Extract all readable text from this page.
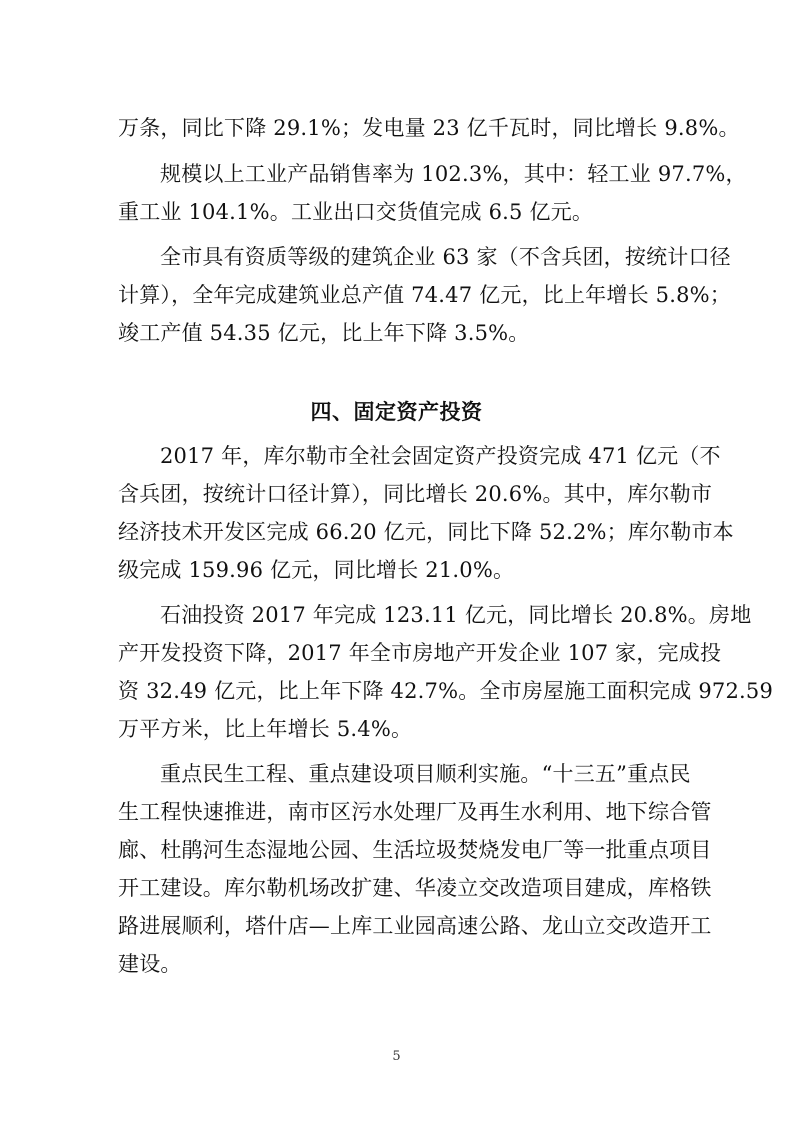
万条，同比下降 29.1%；发电量 23 亿千瓦时，同比增长 9.8%。
规模以上工业产品销售率为 102.3%，其中：轻工业 97.7%，
重工业 104.1%。工业出口交货值完成 6.5 亿元。
全市具有资质等级的建筑企业 63 家（不含兵团，按统计口径
计算），全年完成建筑业总产值 74.47 亿元，比上年增长 5.8%；
竣工产值 54.35 亿元，比上年下降 3.5%。
四、固定资产投资
2017 年，库尔勒市全社会固定资产投资完成 471 亿元（不
含兵团，按统计口径计算），同比增长 20.6%。其中，库尔勒市
经济技术开发区完成 66.20 亿元，同比下降 52.2%；库尔勒市本
级完成 159.96 亿元，同比增长 21.0%。
石油投资 2017 年完成 123.11 亿元，同比增长 20.8%。房地
产开发投资下降，2017 年全市房地产开发企业 107 家，完成投
资 32.49 亿元，比上年下降 42.7%。全市房屋施工面积完成 972.59
万平方米，比上年增长 5.4%。
重点民生工程、重点建设项目顺利实施。“十三五”重点民
生工程快速推进，南市区污水处理厂及再生水利用、地下综合管
廊、杜鹃河生态湿地公园、生活垃圾焚烧发电厂等一批重点项目
开工建设。库尔勒机场改扩建、华凌立交改造项目建成，库格铁
路进展顺利，塔什店—上库工业园高速公路、龙山立交改造开工
建设。
5
